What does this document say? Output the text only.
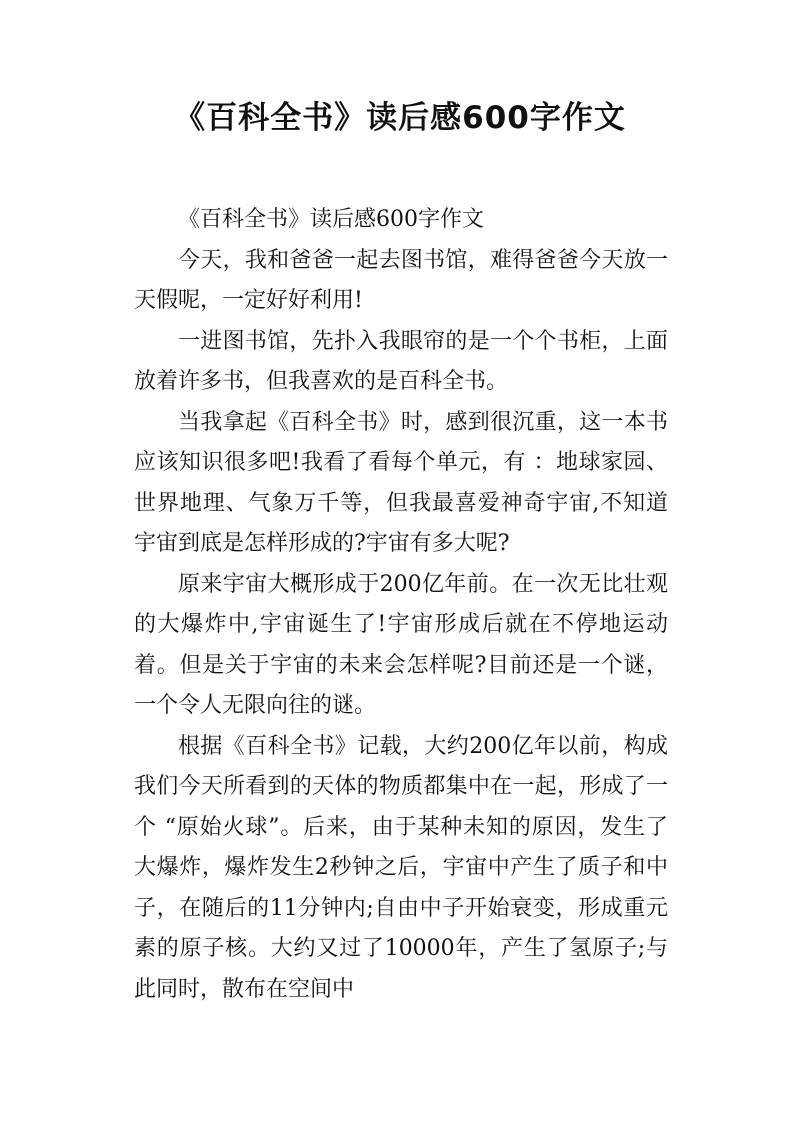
《百科全书》读后感600字作文

《百科全书》读后感600字作文

今天，我和爸爸一起去图书馆，难得爸爸今天放一天假呢，一定好好利用!

一进图书馆，先扑入我眼帘的是一个个书柜，上面放着许多书，但我喜欢的是百科全书。

当我拿起《百科全书》时，感到很沉重，这一本书应该知识很多吧!我看了看每个单元，有 ：地球家园、世界地理、气象万千等，但我最喜爱神奇宇宙,不知道宇宙到底是怎样形成的?宇宙有多大呢?

原来宇宙大概形成于200亿年前。在一次无比壮观的大爆炸中,宇宙诞生了!宇宙形成后就在不停地运动着。但是关于宇宙的未来会怎样呢?目前还是一个谜，一个令人无限向往的谜。

根据《百科全书》记载，大约200亿年以前，构成我们今天所看到的天体的物质都集中在一起，形成了一个 “原始火球”。后来，由于某种未知的原因，发生了大爆炸，爆炸发生2秒钟之后，宇宙中产生了质子和中子，在随后的11分钟内;自由中子开始衰变，形成重元素的原子核。大约又过了10000年，产生了氢原子;与此同时，散布在空间中
